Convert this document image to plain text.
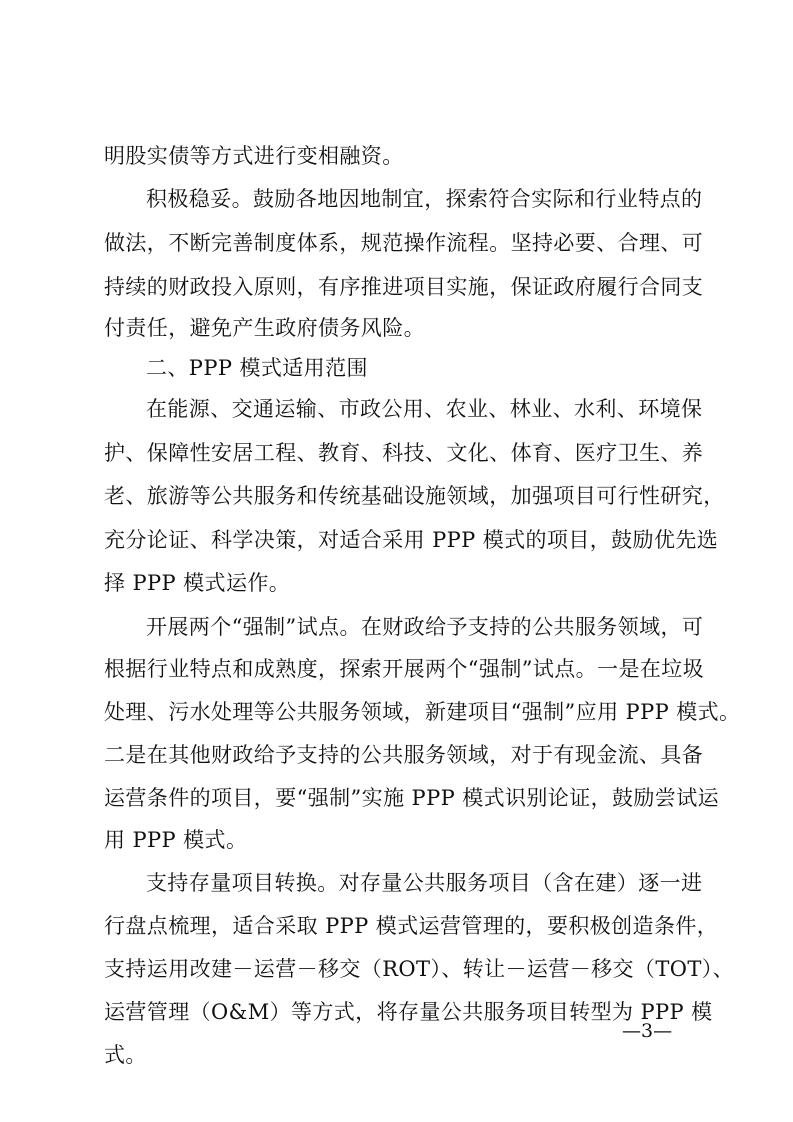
明股实债等方式进行变相融资。
积极稳妥。鼓励各地因地制宜，探索符合实际和行业特点的
做法，不断完善制度体系，规范操作流程。坚持必要、合理、可
持续的财政投入原则，有序推进项目实施，保证政府履行合同支
付责任，避免产生政府债务风险。
二、PPP 模式适用范围
在能源、交通运输、市政公用、农业、林业、水利、环境保
护、保障性安居工程、教育、科技、文化、体育、医疗卫生、养
老、旅游等公共服务和传统基础设施领域，加强项目可行性研究，
充分论证、科学决策，对适合采用 PPP 模式的项目，鼓励优先选
择 PPP 模式运作。
开展两个“强制”试点。在财政给予支持的公共服务领域，可
根据行业特点和成熟度，探索开展两个“强制”试点。一是在垃圾
处理、污水处理等公共服务领域，新建项目“强制”应用 PPP 模式。
二是在其他财政给予支持的公共服务领域，对于有现金流、具备
运营条件的项目，要“强制”实施 PPP 模式识别论证，鼓励尝试运
用 PPP 模式。
支持存量项目转换。对存量公共服务项目（含在建）逐一进
行盘点梳理，适合采取 PPP 模式运营管理的，要积极创造条件，
支持运用改建－运营－移交（ROT）、转让－运营－移交（TOT）、
运营管理（O&M）等方式，将存量公共服务项目转型为 PPP 模
式。
—3—
